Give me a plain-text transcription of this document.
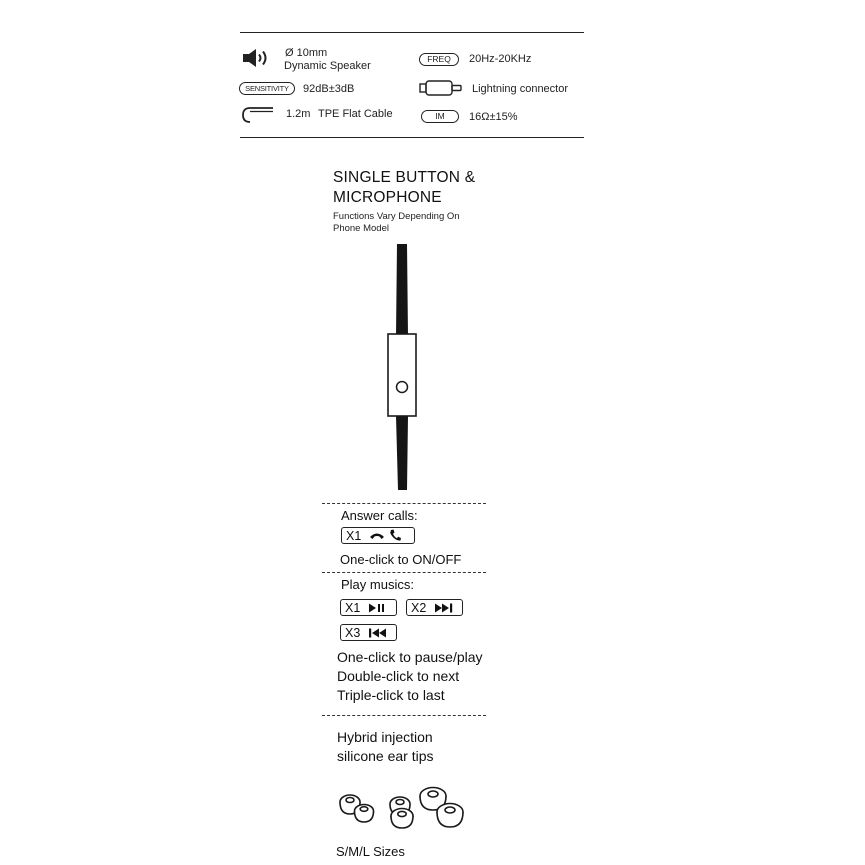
Ø 10mm
Dynamic Speaker
FREQ	20Hz-20KHz
SENSITIVITY	92dB±3dB	Lightning connector
1.2m TPE Flat Cable	IM	16Ω±15%
SINGLE BUTTON &
MICROPHONE
Functions Vary Depending On
Phone Model
Answer calls:
X1
One-click to ON/OFF
Play musics:
X1	X2
X3
One-click to pause/play
Double-click to next
Triple-click to last
Hybrid injection
silicone ear tips
S/M/L Sizes
